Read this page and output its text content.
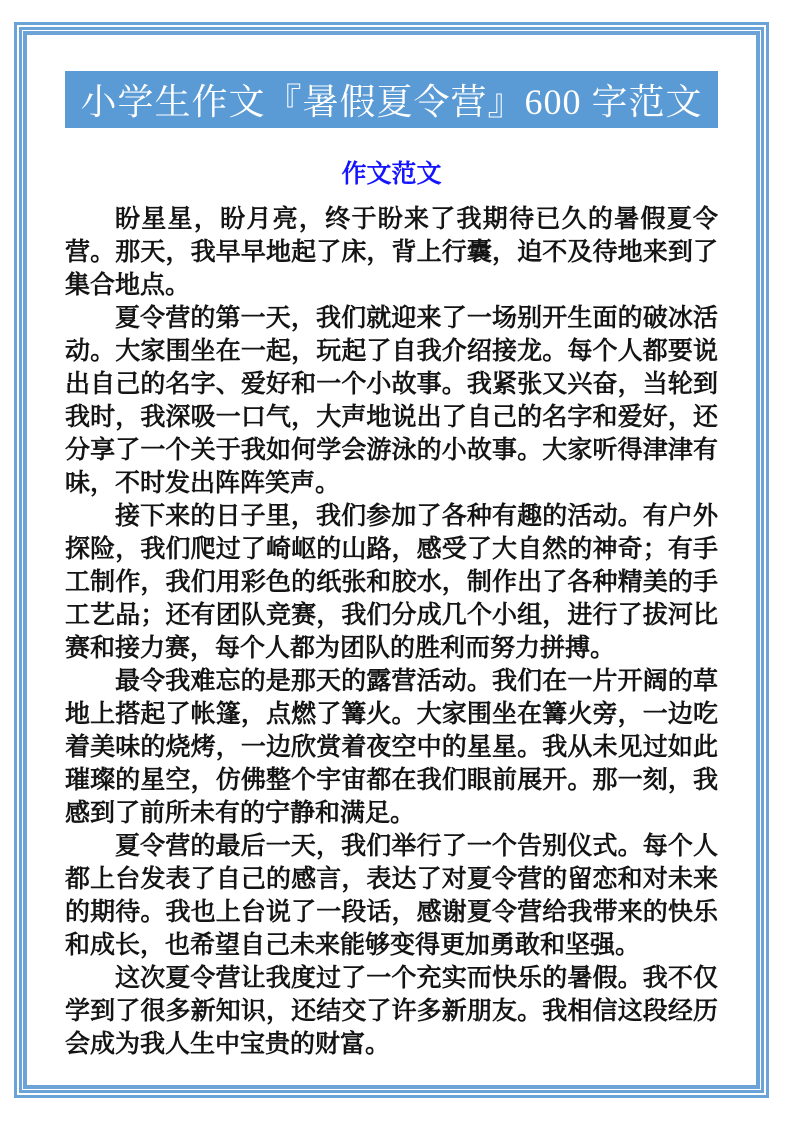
小学生作文『暑假夏令营』600 字范文
作文范文

盼星星，盼月亮，终于盼来了我期待已久的暑假夏令营。那天，我早早地起了床，背上行囊，迫不及待地来到了集合地点。

夏令营的第一天，我们就迎来了一场别开生面的破冰活动。大家围坐在一起，玩起了自我介绍接龙。每个人都要说出自己的名字、爱好和一个小故事。我紧张又兴奋，当轮到我时，我深吸一口气，大声地说出了自己的名字和爱好，还分享了一个关于我如何学会游泳的小故事。大家听得津津有味，不时发出阵阵笑声。

接下来的日子里，我们参加了各种有趣的活动。有户外探险，我们爬过了崎岖的山路，感受了大自然的神奇；有手工制作，我们用彩色的纸张和胶水，制作出了各种精美的手工艺品；还有团队竞赛，我们分成几个小组，进行了拔河比赛和接力赛，每个人都为团队的胜利而努力拼搏。

最令我难忘的是那天的露营活动。我们在一片开阔的草地上搭起了帐篷，点燃了篝火。大家围坐在篝火旁，一边吃着美味的烧烤，一边欣赏着夜空中的星星。我从未见过如此璀璨的星空，仿佛整个宇宙都在我们眼前展开。那一刻，我感到了前所未有的宁静和满足。

夏令营的最后一天，我们举行了一个告别仪式。每个人都上台发表了自己的感言，表达了对夏令营的留恋和对未来的期待。我也上台说了一段话，感谢夏令营给我带来的快乐和成长，也希望自己未来能够变得更加勇敢和坚强。

这次夏令营让我度过了一个充实而快乐的暑假。我不仅学到了很多新知识，还结交了许多新朋友。我相信这段经历会成为我人生中宝贵的财富。
